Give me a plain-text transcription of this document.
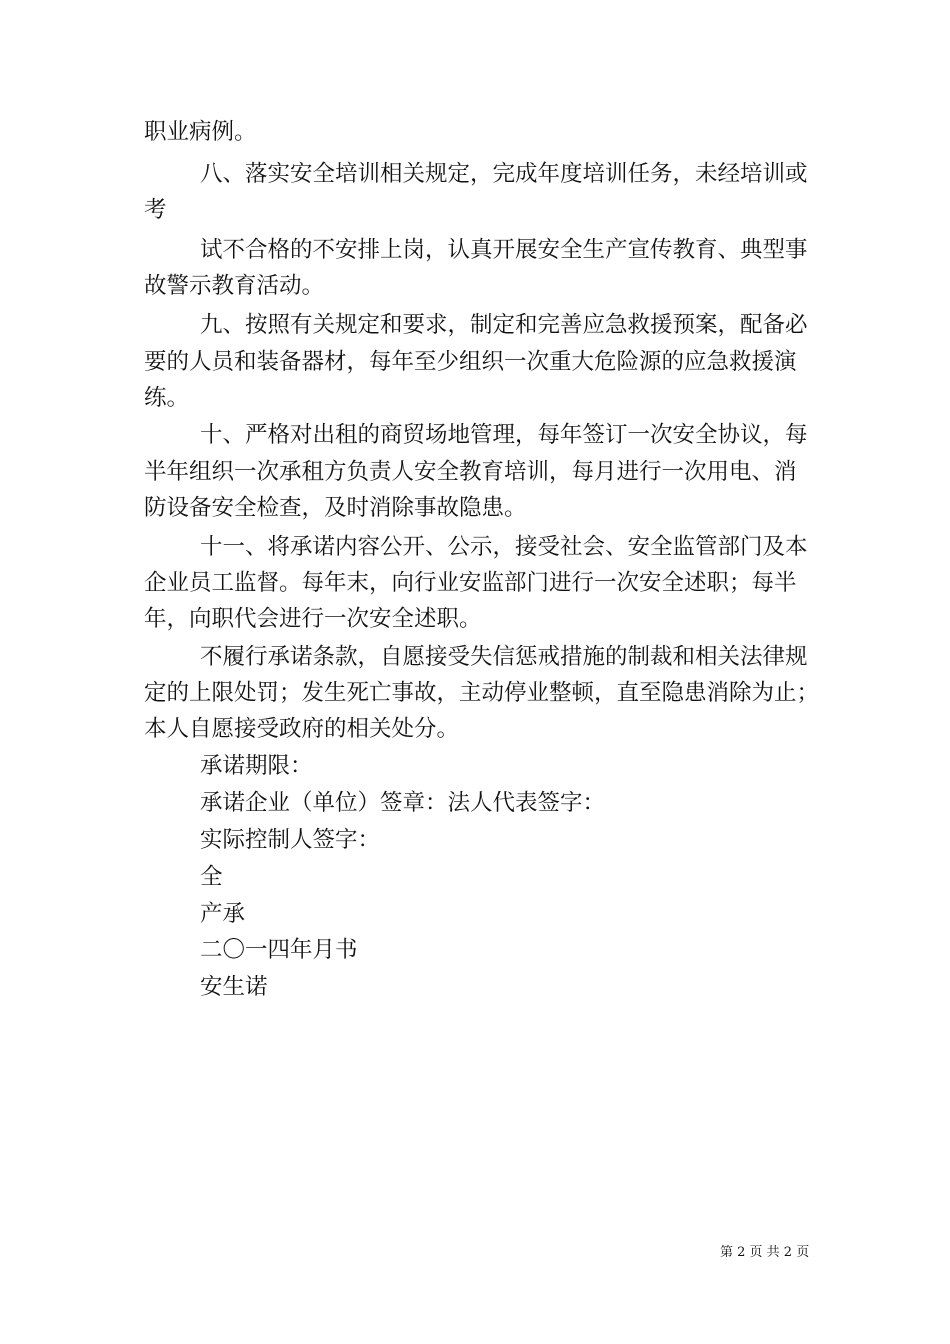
职业病例。
八、落实安全培训相关规定，完成年度培训任务，未经培训或
考
试不合格的不安排上岗，认真开展安全生产宣传教育、典型事
故警示教育活动。
九、按照有关规定和要求，制定和完善应急救援预案，配备必
要的人员和装备器材，每年至少组织一次重大危险源的应急救援演
练。
十、严格对出租的商贸场地管理，每年签订一次安全协议，每
半年组织一次承租方负责人安全教育培训，每月进行一次用电、消
防设备安全检查，及时消除事故隐患。
十一、将承诺内容公开、公示，接受社会、安全监管部门及本
企业员工监督。每年末，向行业安监部门进行一次安全述职；每半
年，向职代会进行一次安全述职。
不履行承诺条款，自愿接受失信惩戒措施的制裁和相关法律规
定的上限处罚；发生死亡事故，主动停业整顿，直至隐患消除为止；
本人自愿接受政府的相关处分。
承诺期限：
承诺企业（单位）签章：法人代表签字：
实际控制人签字：
全
产承
二〇一四年月书
安生诺
第 2 页 共 2 页
